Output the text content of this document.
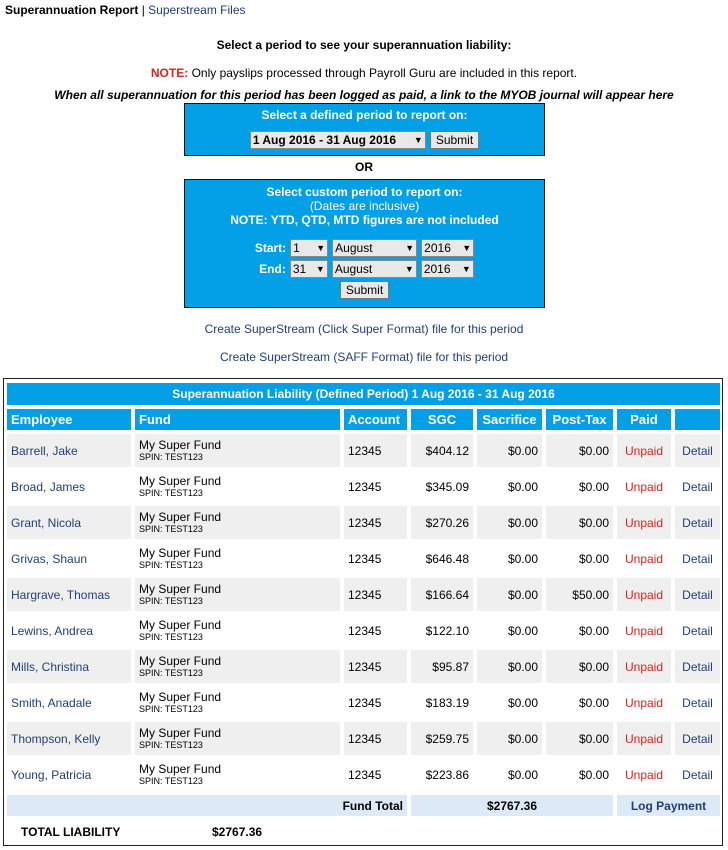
Superannuation Report | Superstream Files
Select a period to see your superannuation liability:
NOTE: Only payslips processed through Payroll Guru are included in this report.
When all superannuation for this period has been logged as paid, a link to the MYOB journal will appear here
Select a defined period to report on:
1 Aug 2016 - 31 Aug 2016 ▼	Submit
OR
Select custom period to report on:
(Dates are inclusive)
NOTE: YTD, QTD, MTD figures are not included
Start: 1 ▼ August	▼ 2016 ▼
End: 31 ▼ August	▼ 2016 ▼
Submit
Create SuperStream (Click Super Format) file for this period
Create SuperStream (SAFF Format) file for this period
Superannuation Liability (Defined Period) 1 Aug 2016 - 31 Aug 2016
Employee	Fund	Account	SGC	Sacrifice	Post-Tax	Paid
Barrell, Jake	My Super Fund
SPIN: TEST123	12345	$404.12	$0.00	$0.00 Unpaid Detail
Broad, James	My Super Fund
SPIN: TEST123	12345	$345.09	$0.00	$0.00 Unpaid Detail
Grant, Nicola	My Super Fund
SPIN: TEST123	12345	$270.26	$0.00	$0.00 Unpaid Detail
Grivas, Shaun	My Super Fund
SPIN: TEST123	12345	$646.48	$0.00	$0.00 Unpaid Detail
Hargrave, Thomas My Super Fund
SPIN: TEST123	12345	$166.64	$0.00	$50.00 Unpaid Detail
Lewins, Andrea	My Super Fund
SPIN: TEST123	12345	$122.10	$0.00	$0.00 Unpaid Detail
Mills, Christina	My Super Fund
SPIN: TEST123	12345	$95.87	$0.00	$0.00 Unpaid Detail
Smith, Anadale	My Super Fund
SPIN: TEST123	12345	$183.19	$0.00	$0.00 Unpaid Detail
Thompson, Kelly	My Super Fund
SPIN: TEST123	12345	$259.75	$0.00	$0.00 Unpaid Detail
Young, Patricia	My Super Fund
SPIN: TEST123	12345	$223.86	$0.00	$0.00 Unpaid Detail
Fund Total	$2767.36	Log Payment
TOTAL LIABILITY	$2767.36
